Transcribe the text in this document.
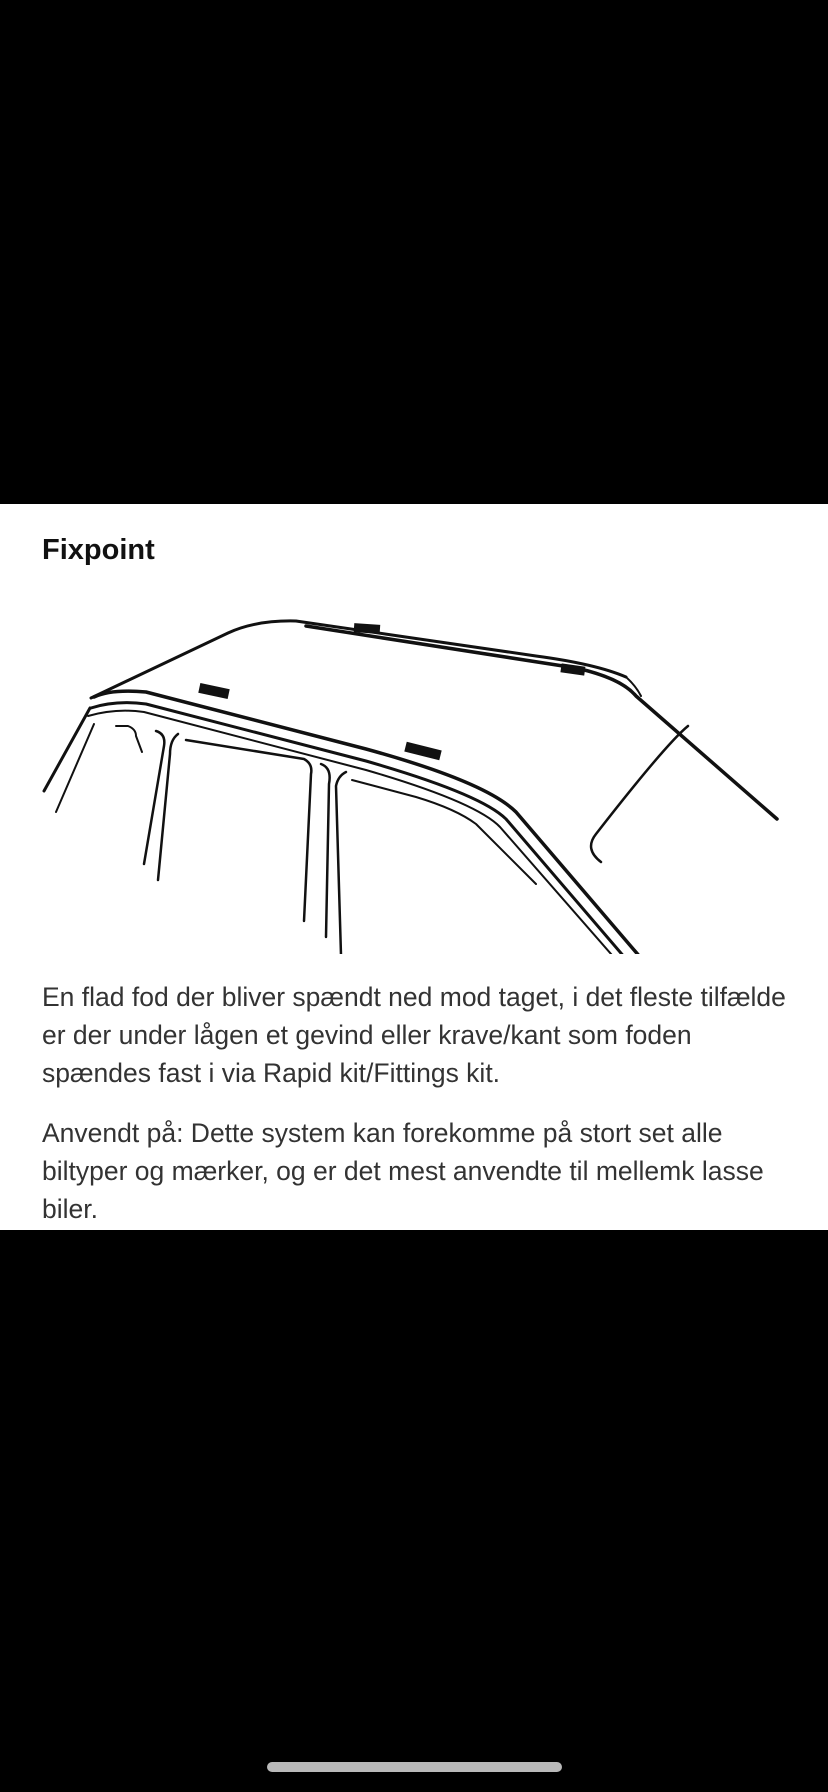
Fixpoint

En flad fod der bliver spændt ned mod taget, i det fleste tilfælde er der under lågen et gevind eller krave/kant som foden spændes fast i via Rapid kit/Fittings kit.

Anvendt på: Dette system kan forekomme på stort set alle biltyper og mærker, og er det mest anvendte til mellemk lasse biler.
